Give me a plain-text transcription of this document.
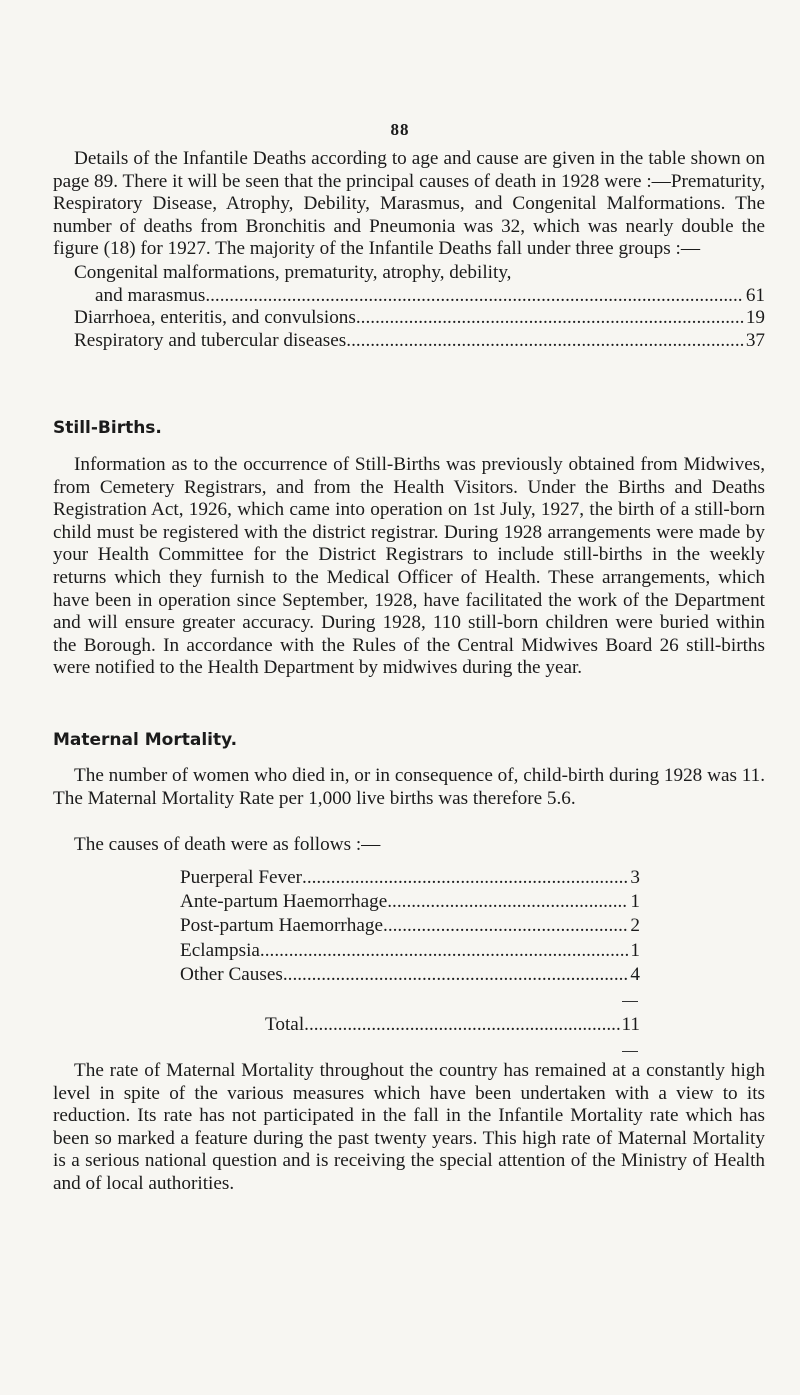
88

Details of the Infantile Deaths according to age and cause are given in the table shown on page 89. There it will be seen that the principal causes of death in 1928 were :—Prematurity, Respiratory Disease, Atrophy, Debility, Marasmus, and Congenital Malformations. The number of deaths from Bronchitis and Pneumonia was 32, which was nearly double the figure (18) for 1927. The majority of the Infantile Deaths fall under three groups :—

Congenital malformations, prematurity, atrophy, debility,
and marasmus .....	61
Diarrhoea, enteritis, and convulsions .....	19
Respiratory and tubercular diseases .....	37
Still-Births.

Information as to the occurrence of Still-Births was previously obtained from Midwives, from Cemetery Registrars, and from the Health Visitors. Under the Births and Deaths Registration Act, 1926, which came into operation on 1st July, 1927, the birth of a still-born child must be registered with the district registrar. During 1928 arrangements were made by your Health Committee for the District Registrars to include still-births in the weekly returns which they furnish to the Medical Officer of Health. These arrangements, which have been in operation since September, 1928, have facilitated the work of the Department and will ensure greater accuracy. During 1928, 110 still-born children were buried within the Borough. In accordance with the Rules of the Central Midwives Board 26 still-births were notified to the Health Department by midwives during the year.

Maternal Mortality.

The number of women who died in, or in consequence of, child-birth during 1928 was 11. The Maternal Mortality Rate per 1,000 live births was therefore 5.6.

The causes of death were as follows :—

Puerperal Fever .....	3
Ante-partum Haemorrhage .....	1
Post-partum Haemorrhage .....	2
Eclampsia .....	1
Other Causes .....	4
Total .....	11

The rate of Maternal Mortality throughout the country has remained at a constantly high level in spite of the various measures which have been undertaken with a view to its reduction. Its rate has not participated in the fall in the Infantile Mortality rate which has been so marked a feature during the past twenty years. This high rate of Maternal Mortality is a serious national question and is receiving the special attention of the Ministry of Health and of local authorities.
